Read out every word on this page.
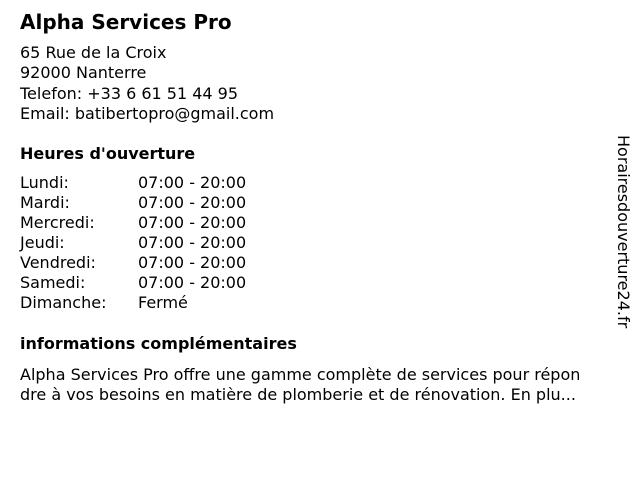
Alpha Services Pro
65 Rue de la Croix
92000 Nanterre
Telefon: +33 6 61 51 44 95
Email: batibertopro@gmail.com
Heures d'ouverture
Lundi:	07:00 - 20:00
Mardi:	07:00 - 20:00
Mercredi:	07:00 - 20:00
Jeudi:	07:00 - 20:00
Vendredi:	07:00 - 20:00
Samedi:	07:00 - 20:00
Dimanche: Fermé
informations complémentaires
Alpha Services Pro offre une gamme complète de services pour répon
dre à vos besoins en matière de plomberie et de rénovation. En plu...
Horairesdouverture24.fr
